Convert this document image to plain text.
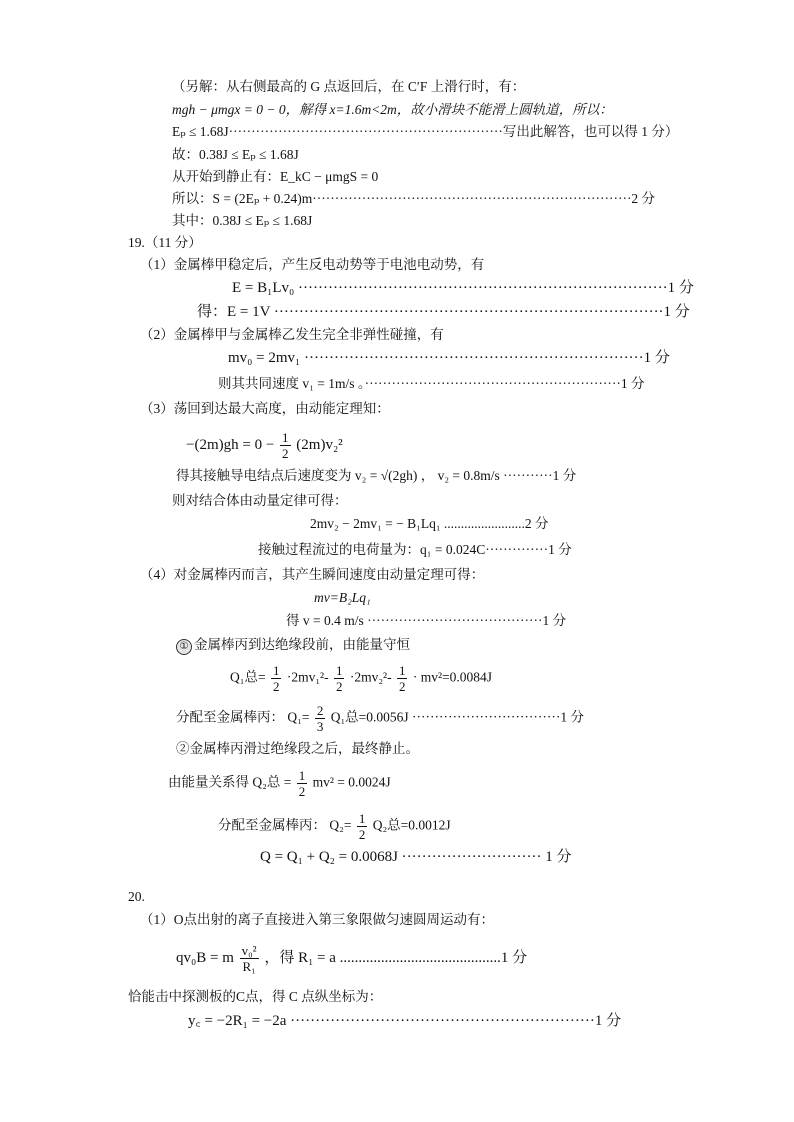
（另解：从右侧最高的 G 点返回后，在 C′F 上滑行时，有：
mgh − μmgx = 0 − 0，解得 x=1.6m<2m，故小滑块不能滑上圆轨道，所以：
Eₚ ≤ 1.68J·····························································写出此解答，也可以得 1 分）
故：0.38J ≤ Eₚ ≤ 1.68J
从开始到静止有：E_kC − μmgS = 0
所以：S = (2Eₚ + 0.24)m·······································································2 分
其中：0.38J ≤ Eₚ ≤ 1.68J
19.（11 分）
（1）金属棒甲稳定后，产生反电动势等于电池电动势，有
E = B₁Lv₀ ··········································································1 分
得：E = 1V ··············································································1 分
（2）金属棒甲与金属棒乙发生完全非弹性碰撞，有
mv₀ = 2mv₁ ····································································1 分
则其共同速度 v₁ = 1m/s 。·························································1 分
（3）荡回到达最大高度，由动能定理知：
$-(2m)gh = 0 - \frac{1}{2} (2m)v_2^2$
得其接触导电结点后速度变为 v₂ = √(2gh) ， v₂ = 0.8m/s ···········1 分
则对结合体由动量定律可得：
2mv₂ − 2mv₁ = − B₁Lq₁ ........................2 分
接触过程流过的电荷量为：q₁ = 0.024C··············1 分
（4）对金属棒丙而言，其产生瞬间速度由动量定理可得：
mv=B₂Lq₁
得 v = 0.4 m/s ·······································1 分
① 金属棒丙到达绝缘段前，由能量守恒
Q₁总= $\frac{1}{2} \cdot 2mv_1^2- \frac{1}{2} \cdot 2mv_2^2- \frac{1}{2} \cdot mv^2=0.0084J$
分配至金属棒丙： $Q_1= \frac{2}{3} Q_1$总=0.0056J ·································1 分
②金属棒丙滑过绝缘段之后，最终静止。
由能量关系得 Q₂总 = $\frac{1}{2} mv^2 = 0.0024J$
分配至金属棒丙： $Q_2= \frac{1}{2} Q_2$总=0.0012J
Q = Q₁ + Q₂ = 0.0068J ···························· 1 分
20.
（1）O点出射的离子直接进入第三象限做匀速圆周运动有：
qv₀B = m $\frac{\text{v₀²}}{\text{R₁}}$ ，得 R₁ = a ...........................................1 分
恰能击中探测板的C点，得 C 点纵坐标为：
y꜀ = −2R₁ = −2a ·····························································1 分
